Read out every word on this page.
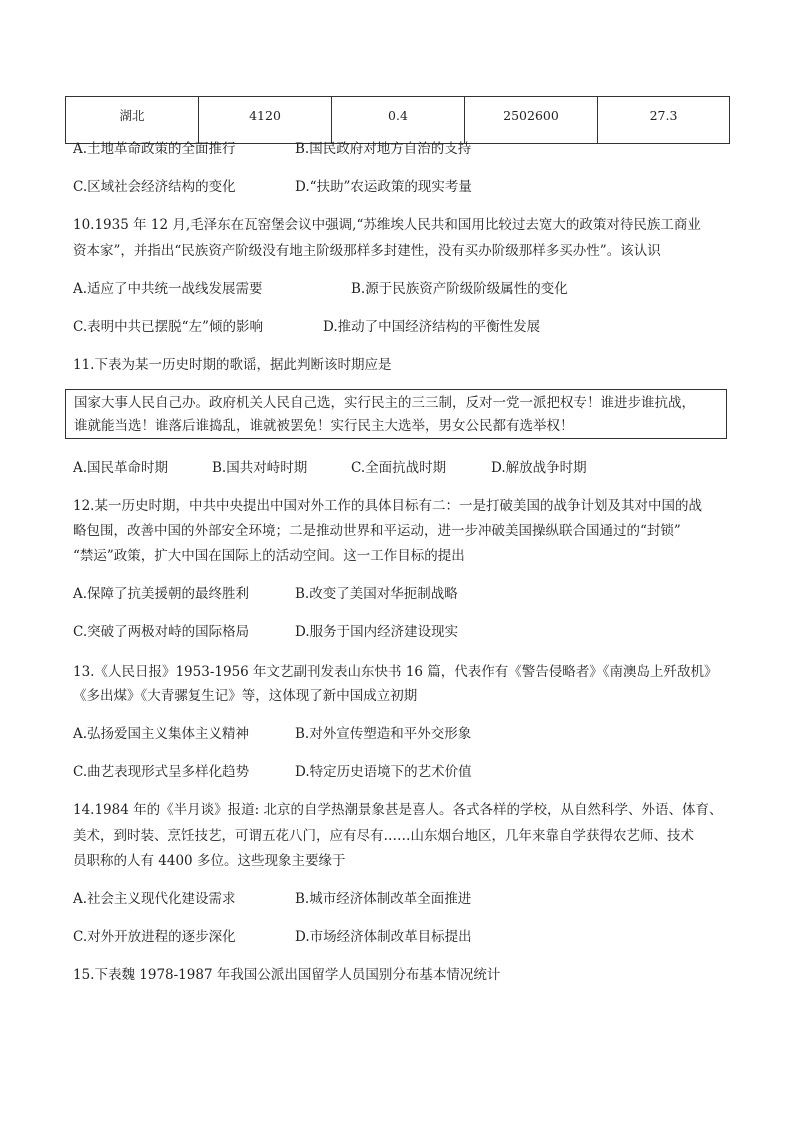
湖北	4120	0.4	2502600	27.3
A.土地革命政策的全面推行	B.国民政府对地方自治的支持
C.区域社会经济结构的变化	D.“扶助”农运政策的现实考量
10.1935 年 12 月,毛泽东在瓦窑堡会议中强调,“苏维埃人民共和国用比较过去宽大的政策对待民族工商业
资本家”，并指出“民族资产阶级没有地主阶级那样多封建性，没有买办阶级那样多买办性”。该认识
A.适应了中共统一战线发展需要	B.源于民族资产阶级阶级属性的变化
C.表明中共已摆脱“左”倾的影响	D.推动了中国经济结构的平衡性发展
11.下表为某一历史时期的歌谣，据此判断该时期应是
国家大事人民自己办。政府机关人民自己选，实行民主的三三制，反对一党一派把权专！谁进步谁抗战，
谁就能当选！谁落后谁捣乱，谁就被罢免！实行民主大选举，男女公民都有选举权！
A.国民革命时期	B.国共对峙时期	C.全面抗战时期	D.解放战争时期
12.某一历史时期，中共中央提出中国对外工作的具体目标有二：一是打破美国的战争计划及其对中国的战
略包围，改善中国的外部安全环境；二是推动世界和平运动，进一步冲破美国操纵联合国通过的“封锁”
“禁运”政策，扩大中国在国际上的活动空间。这一工作目标的提出
A.保障了抗美援朝的最终胜利	B.改变了美国对华扼制战略
C.突破了两极对峙的国际格局	D.服务于国内经济建设现实
13.《人民日报》1953-1956 年文艺副刊发表山东快书 16 篇，代表作有《警告侵略者》《南澳岛上歼敌机》
《多出煤》《大青骡复生记》等，这体现了新中国成立初期
A.弘扬爱国主义集体主义精神	B.对外宣传塑造和平外交形象
C.曲艺表现形式呈多样化趋势	D.特定历史语境下的艺术价值
14.1984 年的《半月谈》报道: 北京的自学热潮景象甚是喜人。各式各样的学校，从自然科学、外语、体育、
美术，到时装、烹饪技艺，可谓五花八门，应有尽有……山东烟台地区，几年来靠自学获得农艺师、技术
员职称的人有 4400 多位。这些现象主要缘于
A.社会主义现代化建设需求	B.城市经济体制改革全面推进
C.对外开放进程的逐步深化	D.市场经济体制改革目标提出
15.下表魏 1978-1987 年我国公派出国留学人员国别分布基本情况统计
